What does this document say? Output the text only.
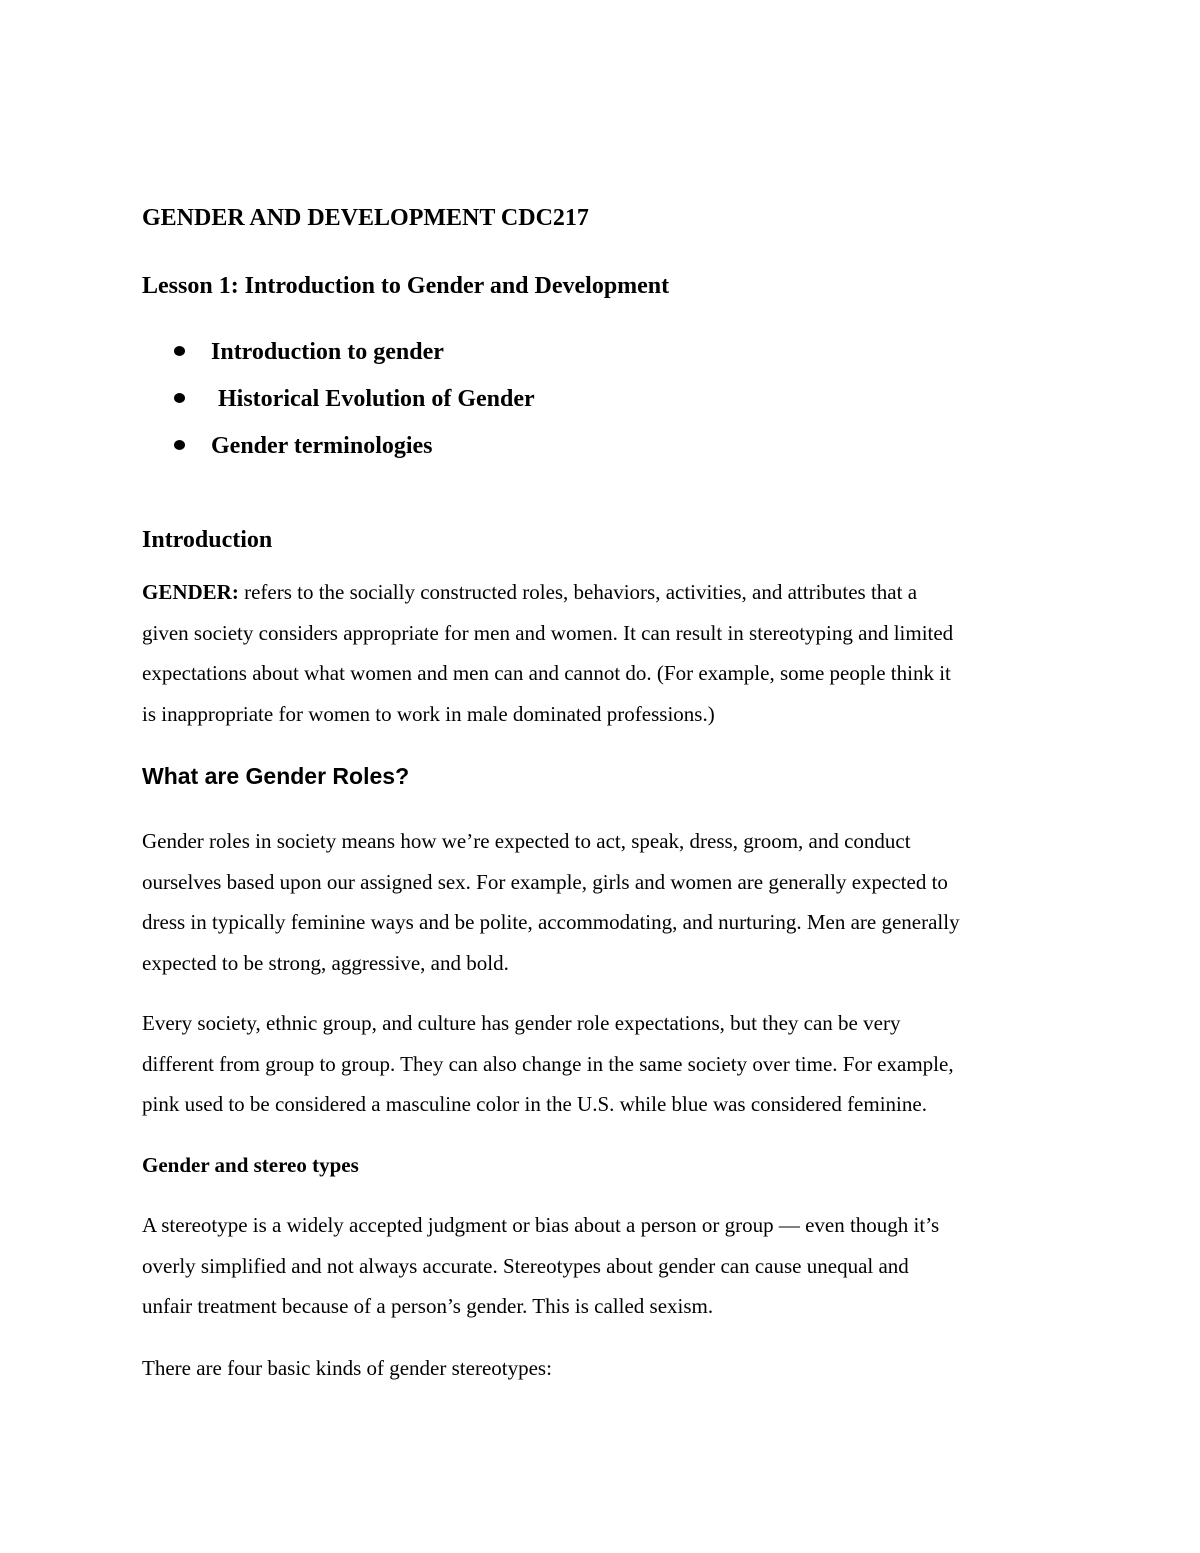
GENDER AND DEVELOPMENT CDC217
Lesson 1: Introduction to Gender and Development
Introduction to gender
Historical Evolution of Gender
Gender terminologies
Introduction

GENDER: refers to the socially constructed roles, behaviors, activities, and attributes that a
given society considers appropriate for men and women. It can result in stereotyping and limited
expectations about what women and men can and cannot do. (For example, some people think it
is inappropriate for women to work in male dominated professions.)

What are Gender Roles?

Gender roles in society means how we’re expected to act, speak, dress, groom, and conduct
ourselves based upon our assigned sex. For example, girls and women are generally expected to
dress in typically feminine ways and be polite, accommodating, and nurturing. Men are generally
expected to be strong, aggressive, and bold.

Every society, ethnic group, and culture has gender role expectations, but they can be very
different from group to group. They can also change in the same society over time. For example,
pink used to be considered a masculine color in the U.S. while blue was considered feminine.

Gender and stereo types

A stereotype is a widely accepted judgment or bias about a person or group — even though it’s
overly simplified and not always accurate. Stereotypes about gender can cause unequal and
unfair treatment because of a person’s gender. This is called sexism.

There are four basic kinds of gender stereotypes:
